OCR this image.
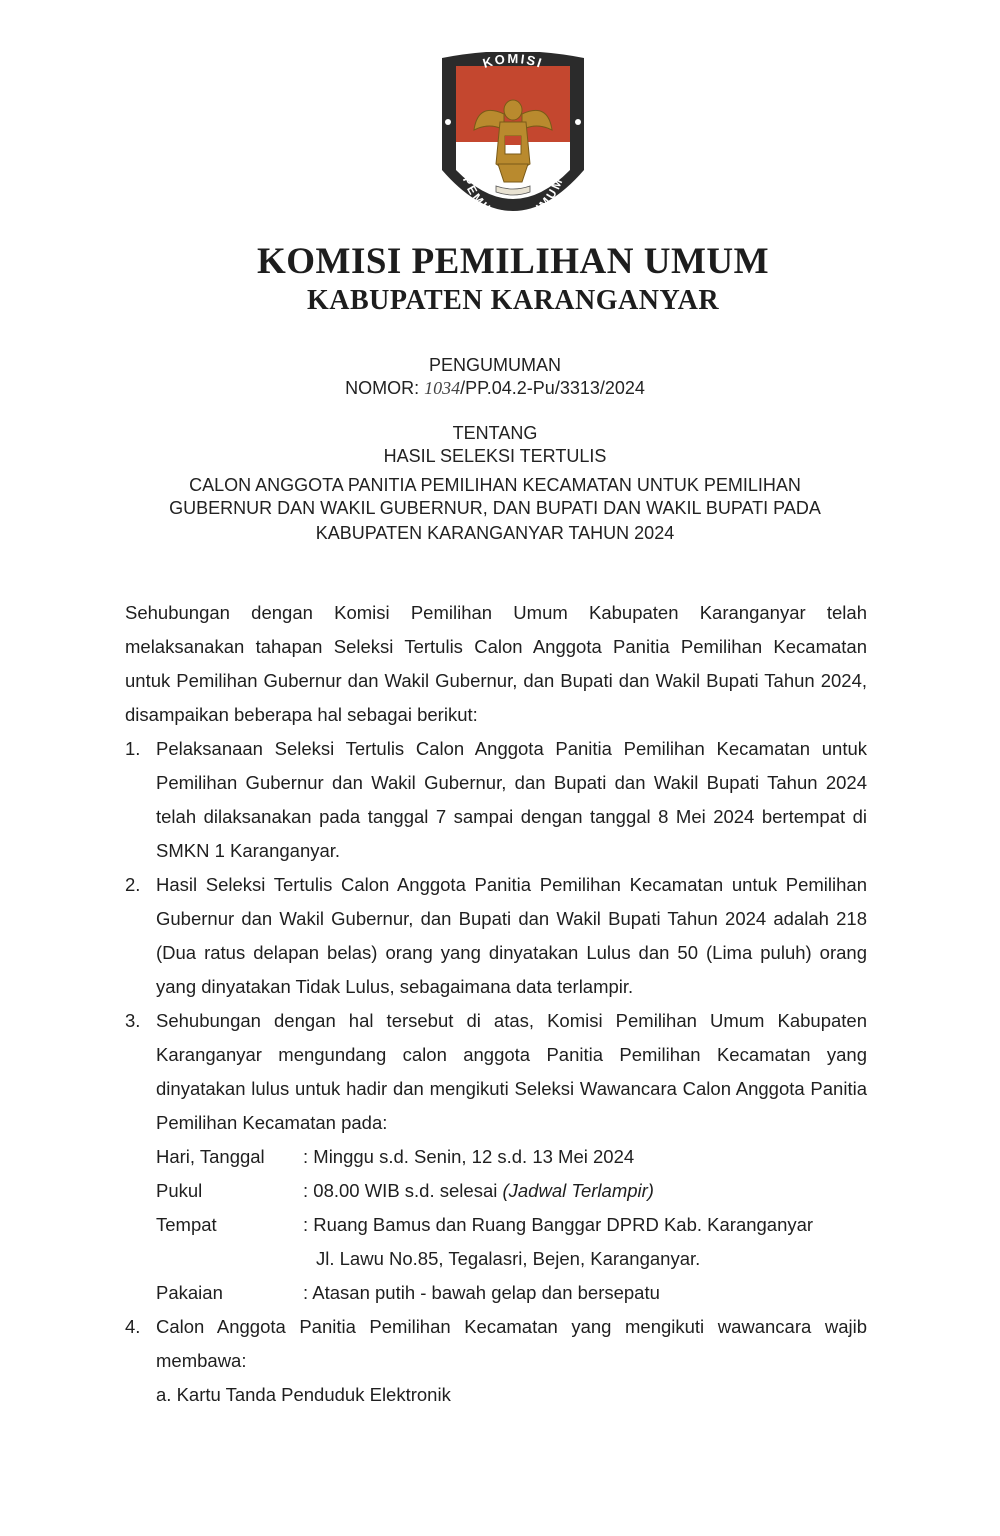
KOMISI
PEMILIHAN UMUM
KOMISI PEMILIHAN UMUM
KABUPATEN KARANGANYAR
PENGUMUMAN
NOMOR: 1034/PP.04.2-Pu/3313/2024
TENTANG
HASIL SELEKSI TERTULIS
CALON ANGGOTA PANITIA PEMILIHAN KECAMATAN UNTUK PEMILIHAN
GUBERNUR DAN WAKIL GUBERNUR, DAN BUPATI DAN WAKIL BUPATI PADA
KABUPATEN KARANGANYAR TAHUN 2024
Sehubungan dengan Komisi Pemilihan Umum Kabupaten Karanganyar telah melaksanakan tahapan Seleksi Tertulis Calon Anggota Panitia Pemilihan Kecamatan untuk Pemilihan Gubernur dan Wakil Gubernur, dan Bupati dan Wakil Bupati Tahun 2024, disampaikan beberapa hal sebagai berikut:
1. Pelaksanaan Seleksi Tertulis Calon Anggota Panitia Pemilihan Kecamatan untuk Pemilihan Gubernur dan Wakil Gubernur, dan Bupati dan Wakil Bupati Tahun 2024 telah dilaksanakan pada tanggal 7 sampai dengan tanggal 8 Mei 2024 bertempat di SMKN 1 Karanganyar.
2. Hasil Seleksi Tertulis Calon Anggota Panitia Pemilihan Kecamatan untuk Pemilihan Gubernur dan Wakil Gubernur, dan Bupati dan Wakil Bupati Tahun 2024 adalah 218 (Dua ratus delapan belas) orang yang dinyatakan Lulus dan 50 (Lima puluh) orang yang dinyatakan Tidak Lulus, sebagaimana data terlampir.
3. Sehubungan dengan hal tersebut di atas, Komisi Pemilihan Umum Kabupaten Karanganyar mengundang calon anggota Panitia Pemilihan Kecamatan yang dinyatakan lulus untuk hadir dan mengikuti Seleksi Wawancara Calon Anggota Panitia Pemilihan Kecamatan pada:
Hari, Tanggal : Minggu s.d. Senin, 12 s.d. 13 Mei 2024
Pukul	: 08.00 WIB s.d. selesai (Jadwal Terlampir)
Tempat	: Ruang Bamus dan Ruang Banggar DPRD Kab. Karanganyar
Jl. Lawu No.85, Tegalasri, Bejen, Karanganyar.
Pakaian	: Atasan putih - bawah gelap dan bersepatu
4. Calon Anggota Panitia Pemilihan Kecamatan yang mengikuti wawancara wajib membawa:
a. Kartu Tanda Penduduk Elektronik
